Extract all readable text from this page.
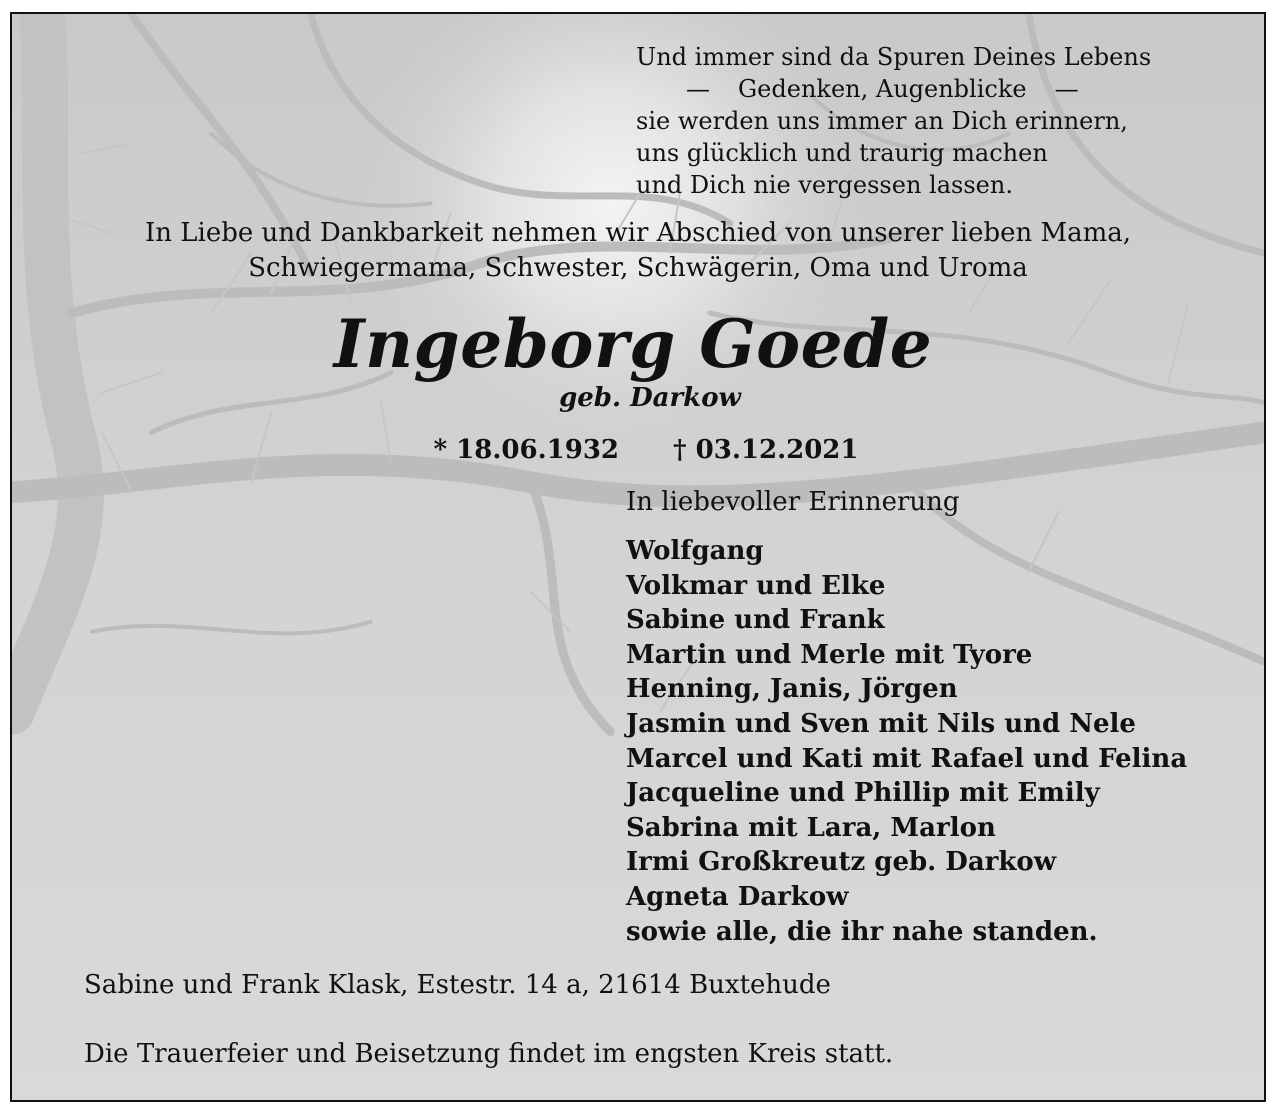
Und immer sind da Spuren Deines Lebens
— Gedenken, Augenblicke —
sie werden uns immer an Dich erinnern,
uns glücklich und traurig machen
und Dich nie vergessen lassen.
In Liebe und Dankbarkeit nehmen wir Abschied von unserer lieben Mama,
Schwiegermama, Schwester, Schwägerin, Oma und Uroma
Ingeborg Goede
geb. Darkow
* 18.06.1932 † 03.12.2021
In liebevoller Erinnerung
Wolfgang
Volkmar und Elke
Sabine und Frank
Martin und Merle mit Tyore
Henning, Janis, Jörgen
Jasmin und Sven mit Nils und Nele
Marcel und Kati mit Rafael und Felina
Jacqueline und Phillip mit Emily
Sabrina mit Lara, Marlon
Irmi Großkreutz geb. Darkow
Agneta Darkow
sowie alle, die ihr nahe standen.
Sabine und Frank Klask, Estestr. 14 a, 21614 Buxtehude
Die Trauerfeier und Beisetzung findet im engsten Kreis statt.
